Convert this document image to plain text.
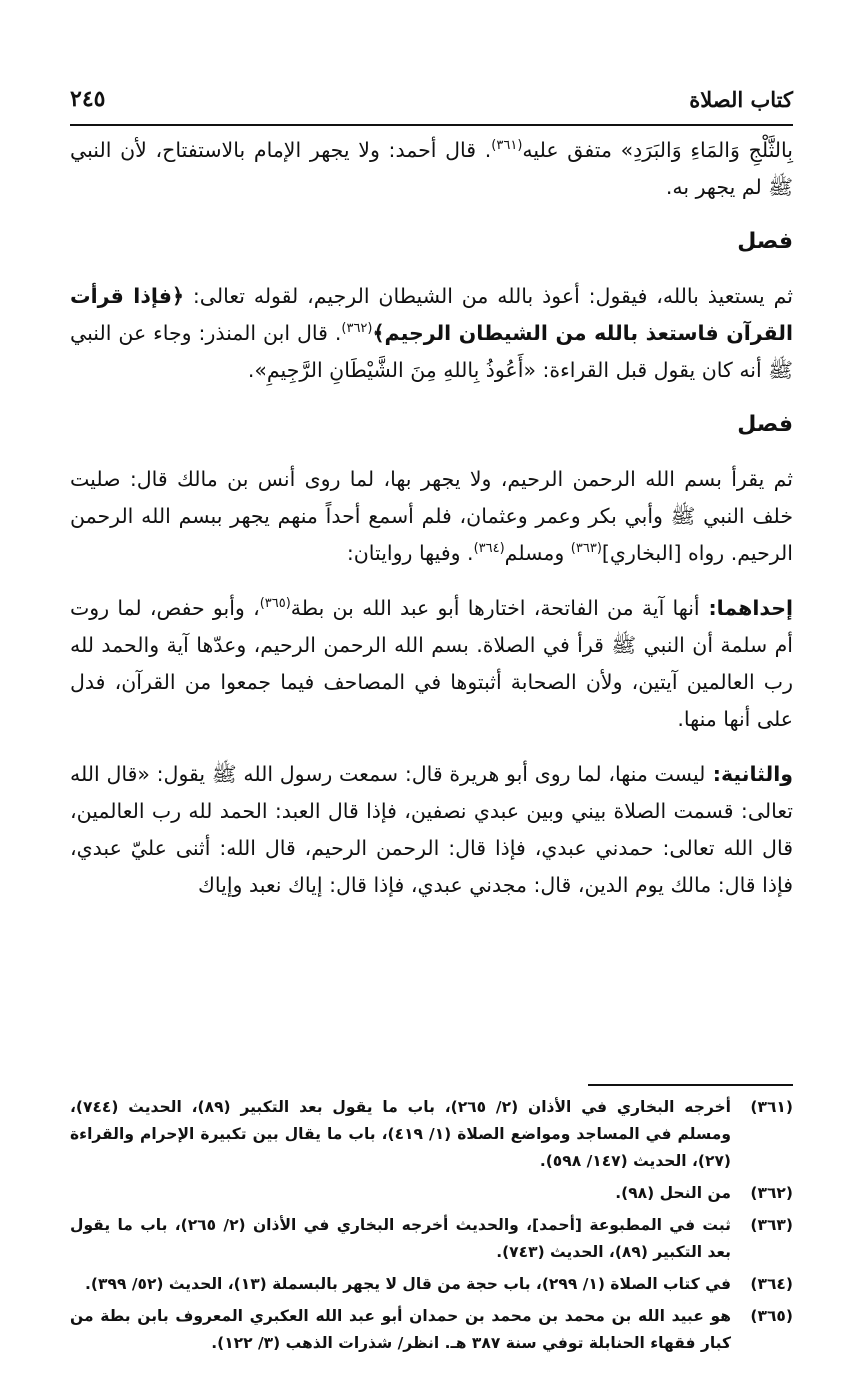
كتاب الصلاة
٢٤٥

بِالثَّلْجِ وَالمَاءِ وَالبَرَدِ» متفق عليه$^{(٣٦١)}$. قال أحمد: ولا يجهر الإمام بالاستفتاح، لأن النبي ﷺ لم يجهر به.

فصل

ثم يستعيذ بالله، فيقول: أعوذ بالله من الشيطان الرجيم، لقوله تعالى: ﴿فإذا قرأت القرآن فاستعذ بالله من الشيطان الرجيم﴾$^{(٣٦٢)}$. قال ابن المنذر: وجاء عن النبي ﷺ أنه كان يقول قبل القراءة: «أَعُوذُ بِاللهِ مِنَ الشَّيْطَانِ الرَّجِيمِ».

فصل

ثم يقرأ بسم الله الرحمن الرحيم، ولا يجهر بها، لما روى أنس بن مالك قال: صليت خلف النبي ﷺ وأبي بكر وعمر وعثمان، فلم أسمع أحداً منهم يجهر ببسم الله الرحمن الرحيم. رواه [البخاري]$^{(٣٦٣)}$ ومسلم$^{(٣٦٤)}$. وفيها روايتان:

إحداهما: أنها آية من الفاتحة، اختارها أبو عبد الله بن بطة$^{(٣٦٥)}$، وأبو حفص، لما روت أم سلمة أن النبي ﷺ قرأ في الصلاة. بسم الله الرحمن الرحيم، وعدّها آية والحمد لله رب العالمين آيتين، ولأن الصحابة أثبتوها في المصاحف فيما جمعوا من القرآن، فدل على أنها منها.

والثانية: ليست منها، لما روى أبو هريرة قال: سمعت رسول الله ﷺ يقول: «قال الله تعالى: قسمت الصلاة بيني وبين عبدي نصفين، فإذا قال العبد: الحمد لله رب العالمين، قال الله تعالى: حمدني عبدي، فإذا قال: الرحمن الرحيم، قال الله: أثنى عليّ عبدي، فإذا قال: مالك يوم الدين، قال: مجدني عبدي، فإذا قال: إياك نعبد وإياك

(٣٦١)
أخرجه البخاري في الأذان (٢/ ٢٦٥)، باب ما يقول بعد التكبير (٨٩)، الحديث (٧٤٤)، ومسلم في المساجد ومواضع الصلاة (١/ ٤١٩)، باب ما يقال بين تكبيرة الإحرام والقراءة (٢٧)، الحديث (١٤٧/ ٥٩٨).
(٣٦٢)
من النحل (٩٨).
(٣٦٣)
ثبت في المطبوعة [أحمد]، والحديث أخرجه البخاري في الأذان (٢/ ٢٦٥)، باب ما يقول بعد التكبير (٨٩)، الحديث (٧٤٣).
(٣٦٤)
في كتاب الصلاة (١/ ٢٩٩)، باب حجة من قال لا يجهر بالبسملة (١٣)، الحديث (٥٢/ ٣٩٩).
(٣٦٥)
هو عبيد الله بن محمد بن محمد بن حمدان أبو عبد الله العكبري المعروف بابن بطة من كبار فقهاء الحنابلة توفي سنة ٣٨٧ هـ. انظر/ شذرات الذهب (٣/ ١٢٢).
